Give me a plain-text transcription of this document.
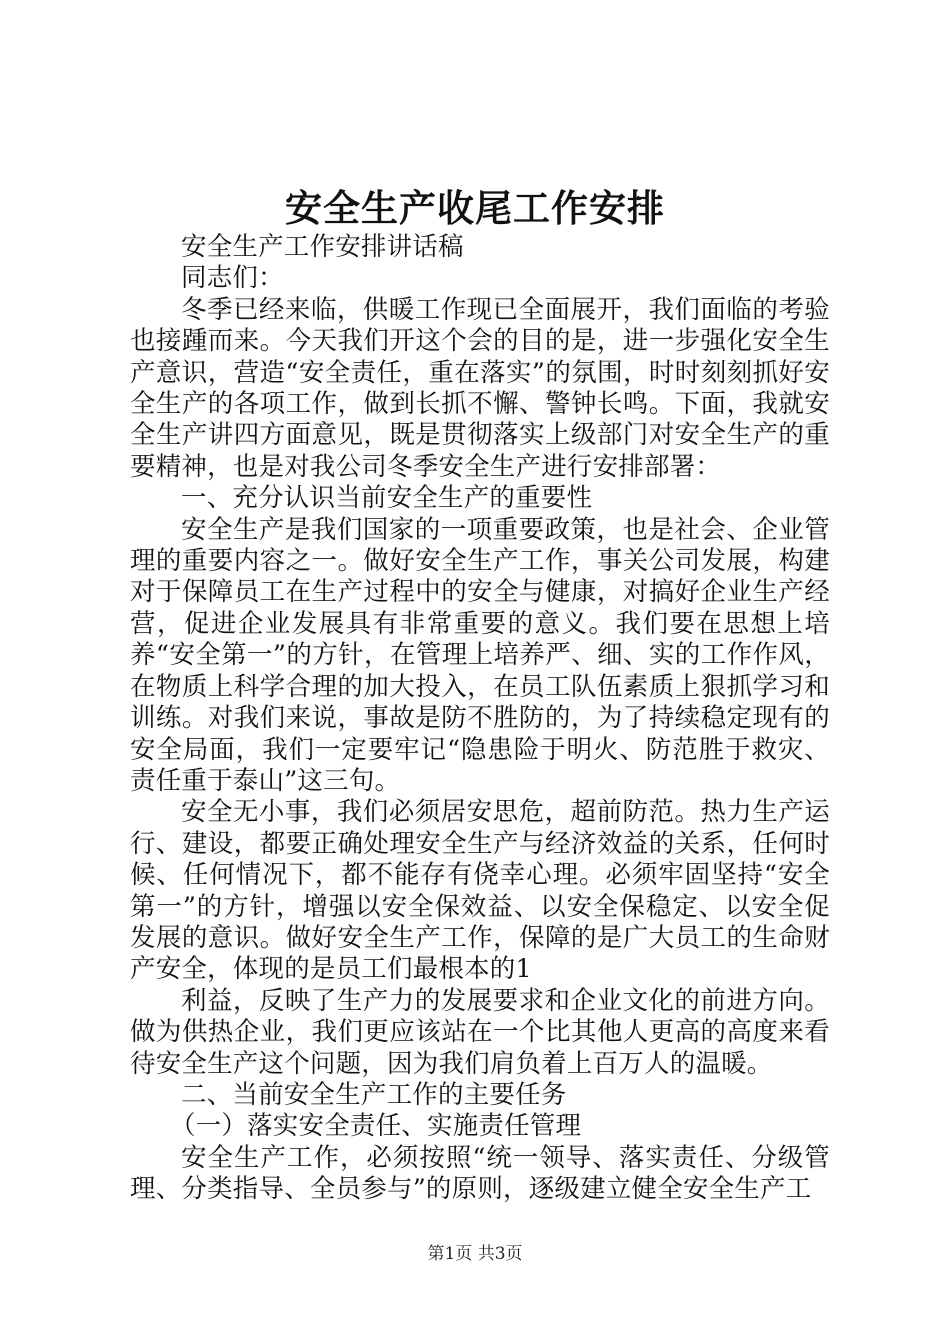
安全生产收尾工作安排

安全生产工作安排讲话稿

同志们：

冬季已经来临，供暖工作现已全面展开，我们面临的考验也接踵而来。今天我们开这个会的目的是，进一步强化安全生产意识，营造“安全责任，重在落实”的氛围，时时刻刻抓好安全生产的各项工作，做到长抓不懈、警钟长鸣。下面，我就安全生产讲四方面意见，既是贯彻落实上级部门对安全生产的重要精神，也是对我公司冬季安全生产进行安排部署：

一、充分认识当前安全生产的重要性

安全生产是我们国家的一项重要政策，也是社会、企业管理的重要内容之一。做好安全生产工作，事关公司发展，构建对于保障员工在生产过程中的安全与健康，对搞好企业生产经营，促进企业发展具有非常重要的意义。我们要在思想上培养“安全第一”的方针，在管理上培养严、细、实的工作作风，在物质上科学合理的加大投入，在员工队伍素质上狠抓学习和训练。对我们来说，事故是防不胜防的，为了持续稳定现有的安全局面，我们一定要牢记“隐患险于明火、防范胜于救灾、责任重于泰山”这三句。

安全无小事，我们必须居安思危，超前防范。热力生产运行、建设，都要正确处理安全生产与经济效益的关系，任何时候、任何情况下，都不能存有侥幸心理。必须牢固坚持“安全第一”的方针，增强以安全保效益、以安全保稳定、以安全促发展的意识。做好安全生产工作，保障的是广大员工的生命财产安全，体现的是员工们最根本的1

利益，反映了生产力的发展要求和企业文化的前进方向。做为供热企业，我们更应该站在一个比其他人更高的高度来看待安全生产这个问题，因为我们肩负着上百万人的温暖。

二、当前安全生产工作的主要任务

（一）落实安全责任、实施责任管理

安全生产工作，必须按照“统一领导、落实责任、分级管理、分类指导、全员参与”的原则，逐级建立健全安全生产工

第1页 共3页
